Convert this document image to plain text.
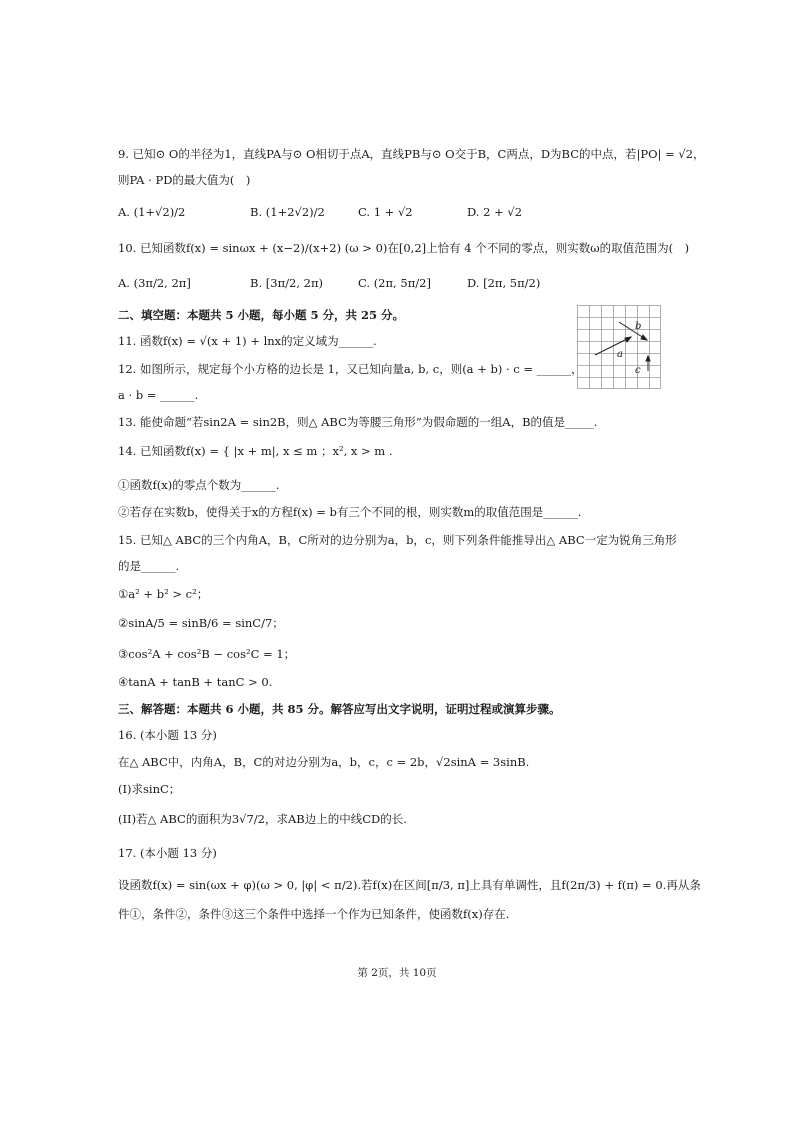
9. 已知⊙ O的半径为1，直线PA与⊙ O相切于点A，直线PB与⊙ O交于B，C两点，D为BC的中点，若|PO| = √2，
则PA · PD的最大值为(　)
A. (1+√2)/2	B. (1+2√2)/2	C. 1 + √2	D. 2 + √2
10. 已知函数f(x) = sinωx + (x−2)/(x+2) (ω > 0)在[0,2]上恰有 4 个不同的零点，则实数ω的取值范围为(　)
A. (3π/2, 2π]	B. [3π/2, 2π)	C. (2π, 5π/2]	D. [2π, 5π/2)
二、填空题：本题共 5 小题，每小题 5 分，共 25 分。
11. 函数f(x) = √(x + 1) + lnx的定义域为______.
12. 如图所示，规定每个小方格的边长是 1，又已知向量a, b, c，则(a + b) · c = ______，
a · b = ______.
a
b
c
13. 能使命题“若sin2A = sin2B，则△ ABC为等腰三角形”为假命题的一组A，B的值是_____.
14. 已知函数f(x) = { |x + m|, x ≤ m ；x², x > m .
①函数f(x)的零点个数为______.
②若存在实数b，使得关于x的方程f(x) = b有三个不同的根，则实数m的取值范围是______.
15. 已知△ ABC的三个内角A，B，C所对的边分别为a，b，c，则下列条件能推导出△ ABC一定为锐角三角形
的是______.
①a² + b² > c²；
②sinA/5 = sinB/6 = sinC/7；
③cos²A + cos²B − cos²C = 1；
④tanA + tanB + tanC > 0.
三、解答题：本题共 6 小题，共 85 分。解答应写出文字说明，证明过程或演算步骤。
16. (本小题 13 分)
在△ ABC中，内角A，B，C的对边分别为a，b，c，c = 2b，√2sinA = 3sinB.
(I)求sinC；
(II)若△ ABC的面积为3√7/2，求AB边上的中线CD的长.
17. (本小题 13 分)
设函数f(x) = sin(ωx + φ)(ω > 0, |φ| < π/2).若f(x)在区间[π/3, π]上具有单调性，且f(2π/3) + f(π) = 0.再从条
件①，条件②，条件③这三个条件中选择一个作为已知条件，使函数f(x)存在.
第 2页，共 10页
